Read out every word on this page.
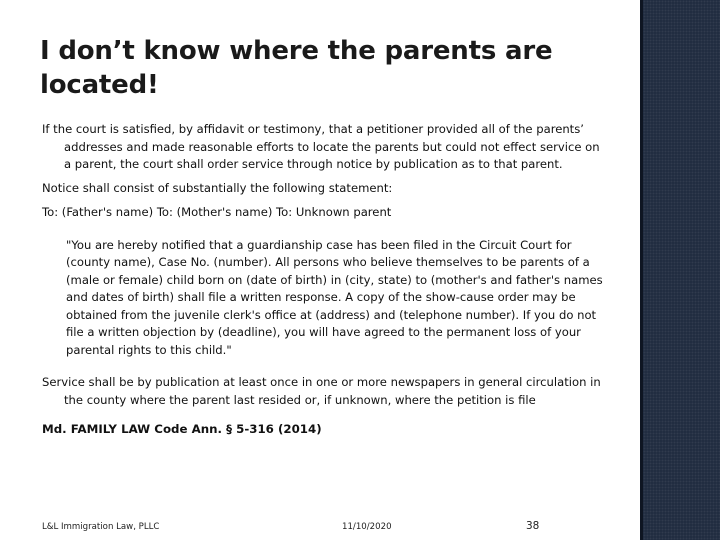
I don’t know where the parents are located!

If the court is satisfied, by affidavit or testimony, that a petitioner provided all of the parents’ addresses and made reasonable efforts to locate the parents but could not effect service on a parent, the court shall order service through notice by publication as to that parent.

Notice shall consist of substantially the following statement:

To: (Father's name) To: (Mother's name) To: Unknown parent

"You are hereby notified that a guardianship case has been filed in the Circuit Court for (county name), Case No. (number). All persons who believe themselves to be parents of a (male or female) child born on (date of birth) in (city, state) to (mother's and father's names and dates of birth) shall file a written response. A copy of the show-cause order may be obtained from the juvenile clerk's office at (address) and (telephone number). If you do not file a written objection by (deadline), you will have agreed to the permanent loss of your parental rights to this child."

Service shall be by publication at least once in one or more newspapers in general circulation in the county where the parent last resided or, if unknown, where the petition is file

Md. FAMILY LAW Code Ann. § 5-316 (2014)

L&L Immigration Law, PLLC	11/10/2020	38
